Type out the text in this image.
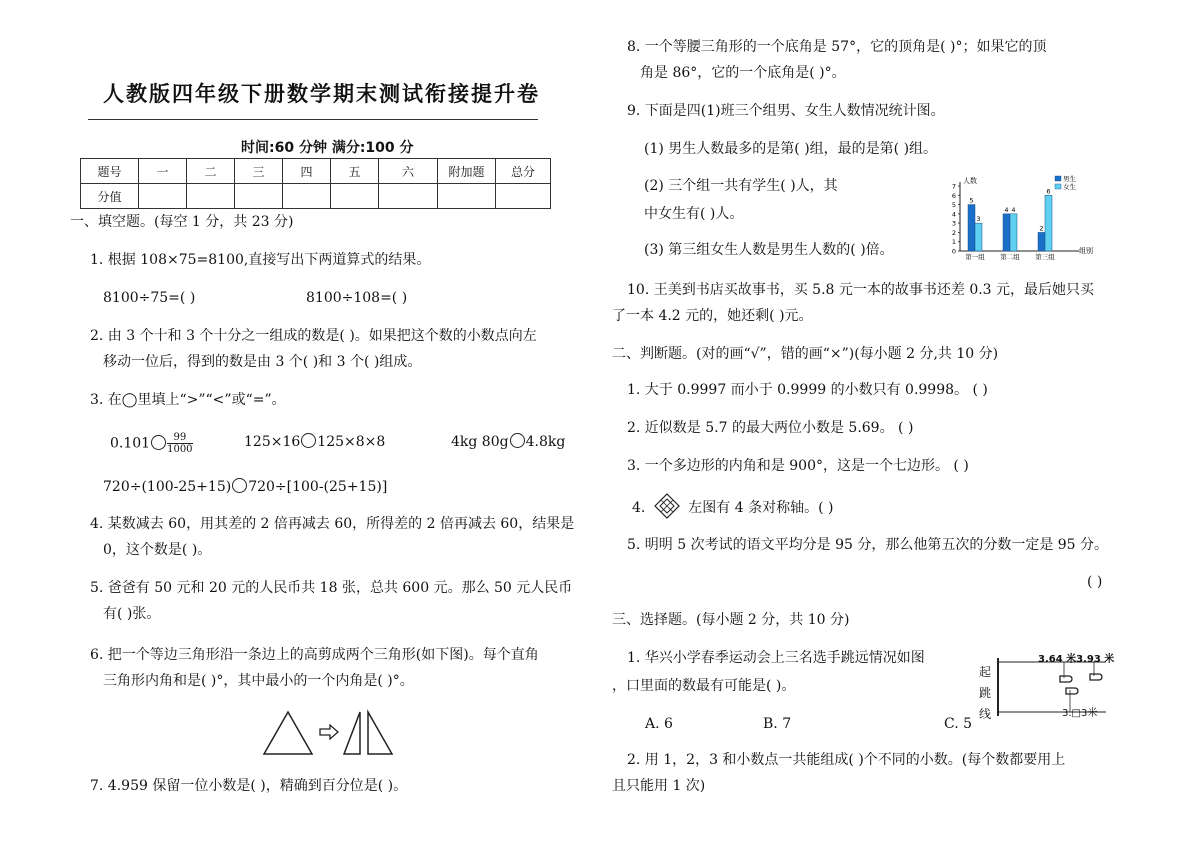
人教版四年级下册数学期末测试衔接提升卷
时间:60 分钟 满分:100 分
题号	一	二	三	四	五	六	附加题	总分
分值								
一、填空题。(每空 1 分，共 23 分)
1. 根据 108×75=8100,直接写出下两道算式的结果。
8100÷75=( )	8100÷108=( )
2. 由 3 个十和 3 个十分之一组成的数是( )。如果把这个数的小数点向左
移动一位后，得到的数是由 3 个( )和 3 个( )组成。
3. 在◯里填上“>”“<”或“=”。
$0.101 \frac{99}{1000}$	125×16 125×8×8	4kg 80g 4.8kg
720÷(100-25+15) 720÷[100-(25+15)]
4. 某数减去 60，用其差的 2 倍再减去 60，所得差的 2 倍再减去 60，结果是
0，这个数是( )。
5. 爸爸有 50 元和 20 元的人民币共 18 张，总共 600 元。那么 50 元人民币
有( )张。
6. 把一个等边三角形沿一条边上的高剪成两个三角形(如下图)。每个直角
三角形内角和是( )°，其中最小的一个内角是( )°。
7. 4.959 保留一位小数是( )，精确到百分位是( )。
8. 一个等腰三角形的一个底角是 57°，它的顶角是( )°；如果它的顶
角是 86°，它的一个底角是( )°。
9. 下面是四(1)班三个组男、女生人数情况统计图。
(1) 男生人数最多的是第( )组，最的是第( )组。
(2) 三个组一共有学生( )人，其
中女生有( )人。
(3) 第三组女生人数是男生人数的( )倍。
人数
组别
0
1
2
3
4
5
6
7
5
3
第一组
4 4
第二组
2
6
第三组
男生
女生
10. 王美到书店买故事书，买 5.8 元一本的故事书还差 0.3 元，最后她只买
了一本 4.2 元的，她还剩( )元。
二、判断题。(对的画“√”，错的画“×”)(每小题 2 分,共 10 分)
1. 大于 0.9997 而小于 0.9999 的小数只有 0.9998。 ( )
2. 近似数是 5.7 的最大两位小数是 5.69。 ( )
3. 一个多边形的内角和是 900°，这是一个七边形。 ( )
4.	左图有 4 条对称轴。( )
5. 明明 5 次考试的语文平均分是 95 分，那么他第五次的分数一定是 95 分。
( )
三、选择题。(每小题 2 分，共 10 分)
1. 华兴小学春季运动会上三名选手跳远情况如图
，口里面的数最有可能是( )。
A. 6	B. 7	C. 5
起
跳
线
3.64 米3.93 米
3.□3米
2. 用 1，2，3 和小数点一共能组成( )个不同的小数。(每个数都要用上
且只能用 1 次)
